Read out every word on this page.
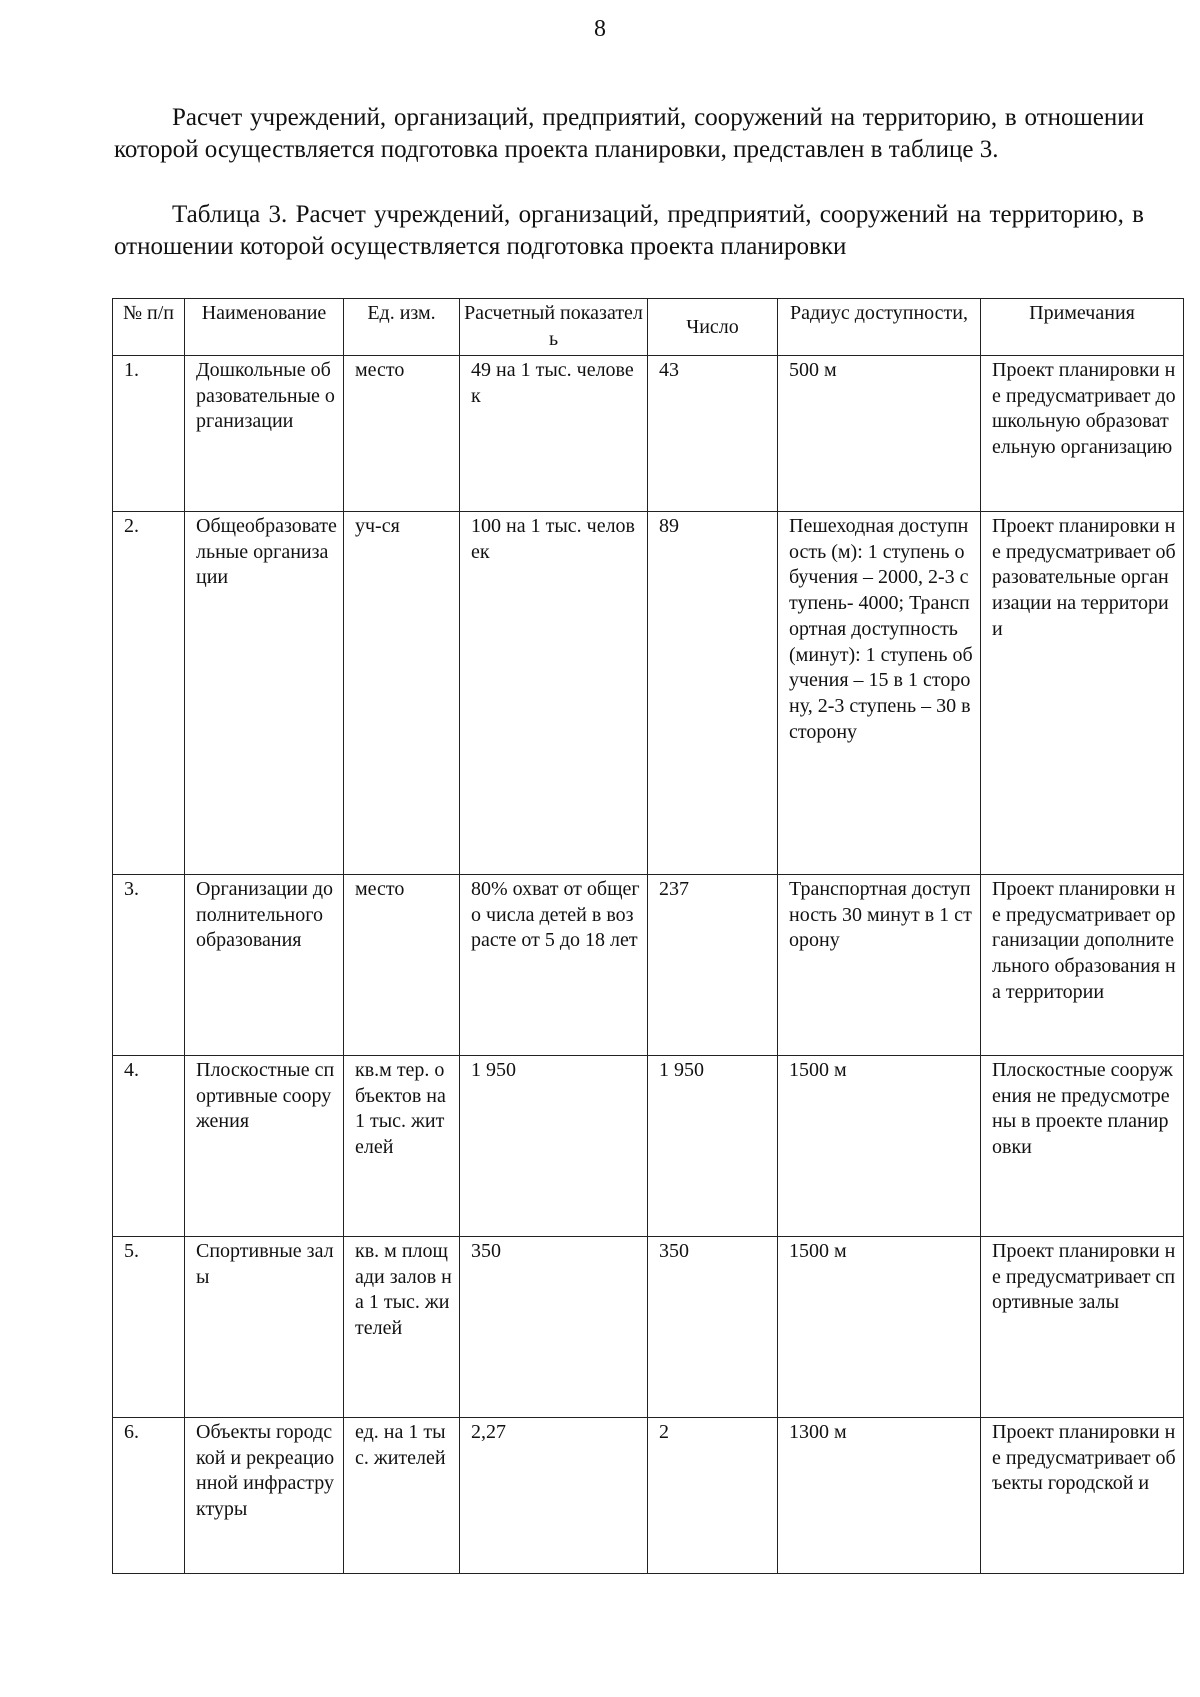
8

Расчет учреждений, организаций, предприятий, сооружений на территорию, в отношении которой осуществляется подготовка проекта планировки, представлен в таблице 3.

Таблица 3. Расчет учреждений, организаций, предприятий, сооружений на территорию, в отношении которой осуществляется подготовка проекта планировки

№ п/п	Наименование	Ед. изм.	Расчетный показатель	Число	Радиус доступности,	Примечания
1.	Дошкольные образовательные организации	место	49 на 1 тыс. человек	43	500 м	Проект планировки не предусматривает дошкольную образовательную организацию
2.	Общеобразовательные организации	уч-ся	100 на 1 тыс. человек	89	Пешеходная доступность (м): 1 ступень обучения – 2000, 2-3 ступень- 4000; Транспортная доступность (минут): 1 ступень обучения – 15 в 1 сторону, 2-3 ступень – 30 в сторону	Проект планировки не предусматривает образовательные организации на территории
3.	Организации дополнительного образования	место	80% охват от общего числа детей в возрасте от 5 до 18 лет	237	Транспортная доступность 30 минут в 1 сторону	Проект планировки не предусматривает организации дополнительного образования на территории
4.	Плоскостные спортивные сооружения	кв.м тер. объектов на 1 тыс. жителей	1 950	1 950	1500 м	Плоскостные сооружения не предусмотрены в проекте планировки
5.	Спортивные залы	кв. м площади залов на 1 тыс. жителей	350	350	1500 м	Проект планировки не предусматривает спортивные залы
6.	Объекты городской и рекреационной инфраструктуры	ед. на 1 тыс. жителей	2,27	2	1300 м	Проект планировки не предусматривает объекты городской и
